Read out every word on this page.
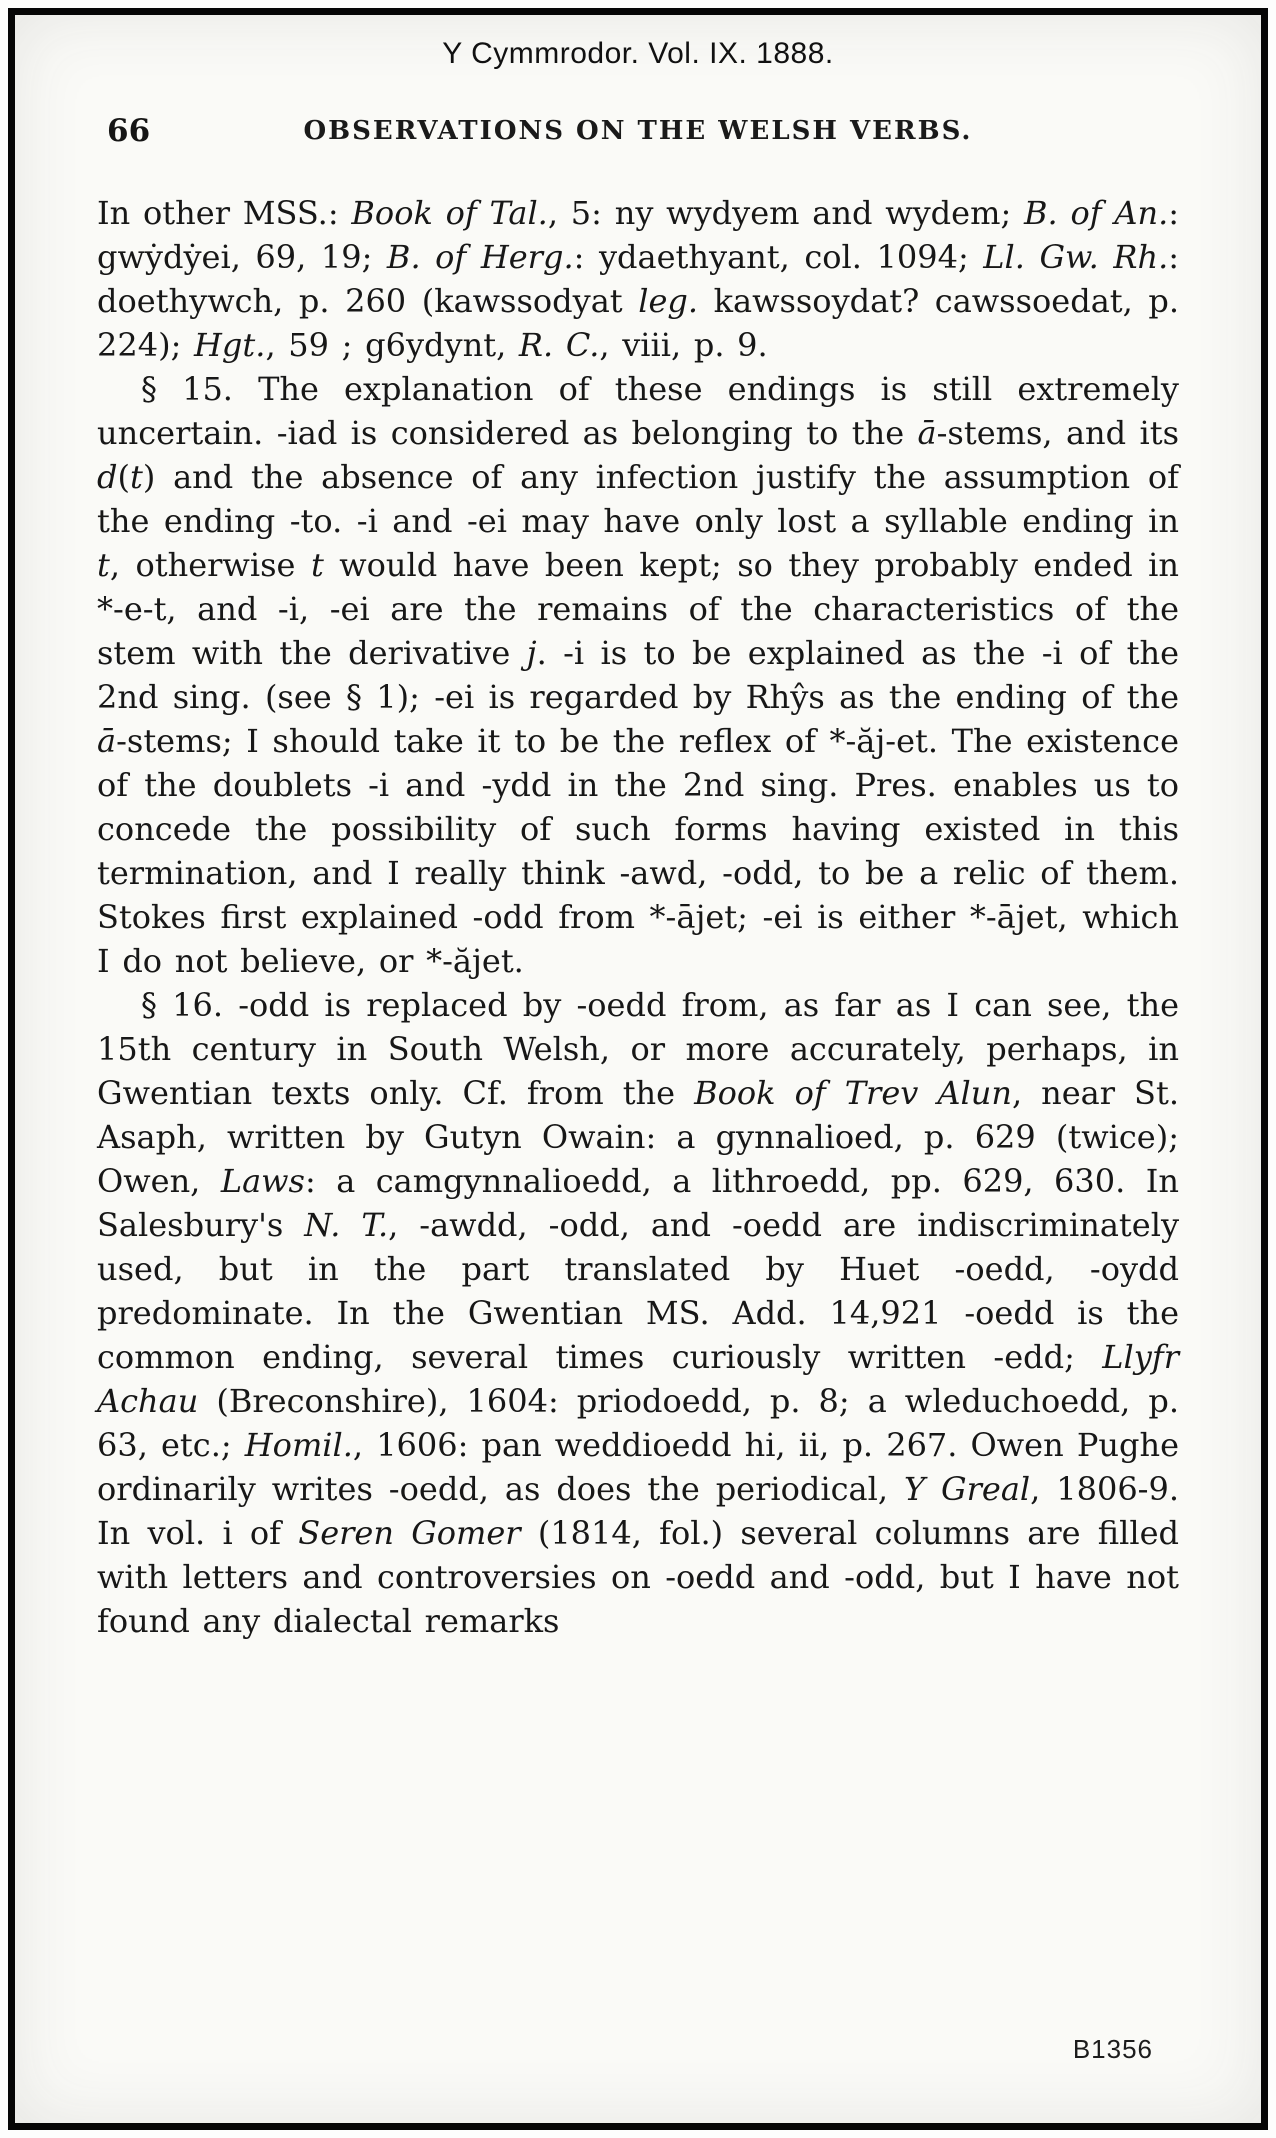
Y Cymmrodor. Vol. IX. 1888.
66	OBSERVATIONS ON THE WELSH VERBS.

In other MSS.: Book of Tal., 5: ny wydyem and wydem; B. of An.: gwẏdẏei, 69, 19; B. of Herg.: ydaethyant, col. 1094; Ll. Gw. Rh.: doethywch, p. 260 (kawssodyat leg. kawssoydat? cawssoedat, p. 224); Hgt., 59 ; g6ydynt, R. C., viii, p. 9.

§ 15. The explanation of these endings is still extremely uncertain. -iad is considered as belonging to the ā-stems, and its d(t) and the absence of any infection justify the assumption of the ending -to. -i and -ei may have only lost a syllable ending in t, otherwise t would have been kept; so they probably ended in *-e-t, and -i, -ei are the remains of the characteristics of the stem with the derivative j. -i is to be explained as the -i of the 2nd sing. (see § 1); -ei is regarded by Rhŷs as the ending of the ā-stems; I should take it to be the reflex of *-ăj-et. The existence of the doublets -i and -ydd in the 2nd sing. Pres. enables us to concede the possibility of such forms having existed in this termination, and I really think -awd, -odd, to be a relic of them. Stokes first explained -odd from *-ājet; -ei is either *-ājet, which I do not believe, or *-ăjet.

§ 16. -odd is replaced by -oedd from, as far as I can see, the 15th century in South Welsh, or more accurately, perhaps, in Gwentian texts only. Cf. from the Book of Trev Alun, near St. Asaph, written by Gutyn Owain: a gynnalioed, p. 629 (twice); Owen, Laws: a camgynnalioedd, a lithroedd, pp. 629, 630. In Salesbury's N. T., -awdd, -odd, and -oedd are indiscriminately used, but in the part translated by Huet -oedd, -oydd predominate. In the Gwentian MS. Add. 14,921 -oedd is the common ending, several times curiously written -edd; Llyfr Achau (Breconshire), 1604: priodoedd, p. 8; a wleduchoedd, p. 63, etc.; Homil., 1606: pan weddioedd hi, ii, p. 267. Owen Pughe ordinarily writes -oedd, as does the periodical, Y Greal, 1806-9. In vol. i of Seren Gomer (1814, fol.) several columns are filled with letters and controversies on -oedd and -odd, but I have not found any dialectal remarks

B1356
